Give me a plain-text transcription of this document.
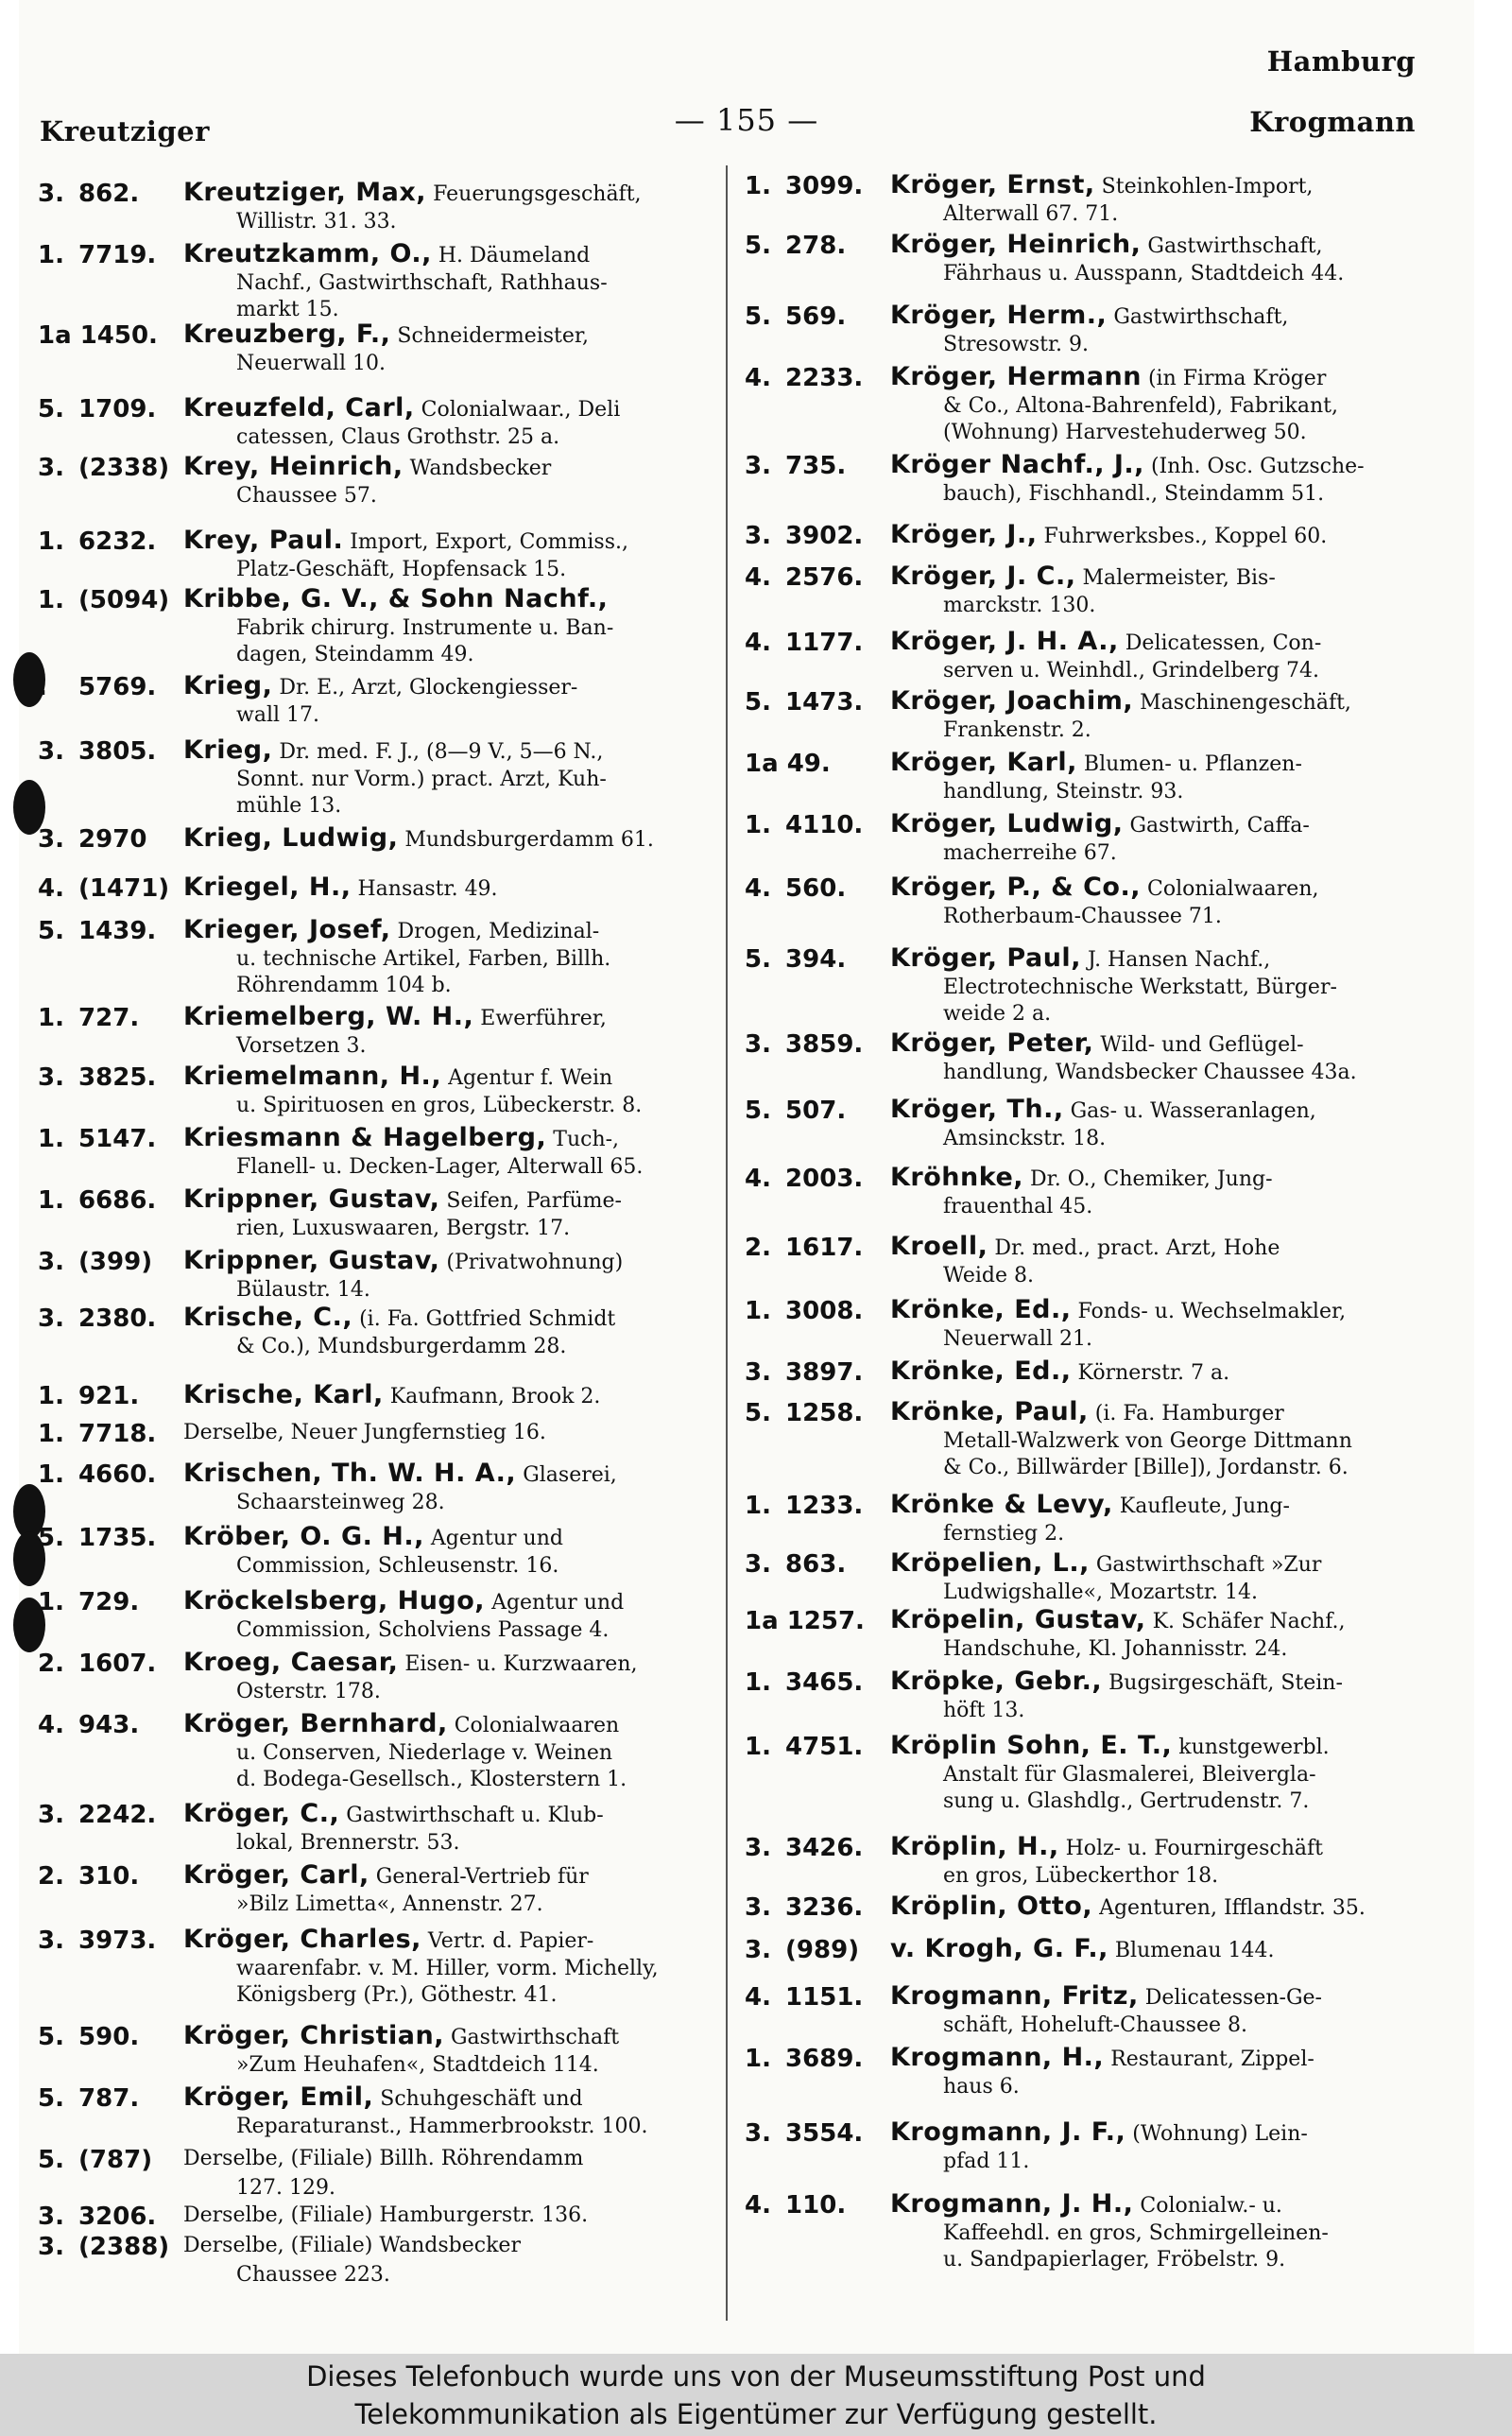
Hamburg
Kreutziger	— 155 —	Krogmann
3. 862.	Kreutziger, Max, Feuerungsgeschäft,
Willistr. 31. 33.
1. 7719.	Kreutzkamm, O., H. Däumeland
Nachf., Gastwirthschaft, Rathhaus-
markt 15.
1a 1450.	Kreuzberg, F., Schneidermeister,
Neuerwall 10.
5. 1709.	Kreuzfeld, Carl, Colonialwaar., Deli
catessen, Claus Grothstr. 25 a.
3. (2338) Krey, Heinrich, Wandsbecker
Chaussee 57.
1. 6232.	Krey, Paul. Import, Export, Commiss.,
Platz-Geschäft, Hopfensack 15.
1. (5094) Kribbe, G. V., & Sohn Nachf.,
Fabrik chirurg. Instrumente u. Ban-
dagen, Steindamm 49.
. 5769.	Krieg, Dr. E., Arzt, Glockengiesser-
wall 17.
3. 3805.	Krieg, Dr. med. F. J., (8—9 V., 5—6 N.,
Sonnt. nur Vorm.) pract. Arzt, Kuh-
mühle 13.
3. 2970	Krieg, Ludwig, Mundsburgerdamm 61.
4. (1471) Kriegel, H., Hansastr. 49.
5. 1439.	Krieger, Josef, Drogen, Medizinal-
u. technische Artikel, Farben, Billh.
Röhrendamm 104 b.
1. 727.	Kriemelberg, W. H., Ewerführer,
Vorsetzen 3.
3. 3825.	Kriemelmann, H., Agentur f. Wein
u. Spirituosen en gros, Lübeckerstr. 8.
1. 5147.	Kriesmann & Hagelberg, Tuch-,
Flanell- u. Decken-Lager, Alterwall 65.
1. 6686.	Krippner, Gustav, Seifen, Parfüme-
rien, Luxuswaaren, Bergstr. 17.
3. (399)	Krippner, Gustav, (Privatwohnung)
Bülaustr. 14.
3. 2380.	Krische, C., (i. Fa. Gottfried Schmidt
& Co.), Mundsburgerdamm 28.
1. 921.	Krische, Karl, Kaufmann, Brook 2.
1. 7718.	Derselbe, Neuer Jungfernstieg 16.
1. 4660.	Krischen, Th. W. H. A., Glaserei,
Schaarsteinweg 28.
5. 1735.	Kröber, O. G. H., Agentur und
Commission, Schleusenstr. 16.
1. 729.	Kröckelsberg, Hugo, Agentur und
Commission, Scholviens Passage 4.
2. 1607.	Kroeg, Caesar, Eisen- u. Kurzwaaren,
Osterstr. 178.
4. 943.	Kröger, Bernhard, Colonialwaaren
u. Conserven, Niederlage v. Weinen
d. Bodega-Gesellsch., Klosterstern 1.
3. 2242.	Kröger, C., Gastwirthschaft u. Klub-
lokal, Brennerstr. 53.
2. 310.	Kröger, Carl, General-Vertrieb für
»Bilz Limetta«, Annenstr. 27.
3. 3973.	Kröger, Charles, Vertr. d. Papier-
waarenfabr. v. M. Hiller, vorm. Michelly,
Königsberg (Pr.), Göthestr. 41.
5. 590.	Kröger, Christian, Gastwirthschaft
»Zum Heuhafen«, Stadtdeich 114.
5. 787.	Kröger, Emil, Schuhgeschäft und
Reparaturanst., Hammerbrookstr. 100.
5. (787)	Derselbe, (Filiale) Billh. Röhrendamm
127. 129.
3. 3206.	Derselbe, (Filiale) Hamburgerstr. 136.
3. (2388) Derselbe, (Filiale) Wandsbecker
Chaussee 223.
1. 3099.	Kröger, Ernst, Steinkohlen-Import,
Alterwall 67. 71.
5. 278.	Kröger, Heinrich, Gastwirthschaft,
Fährhaus u. Ausspann, Stadtdeich 44.
5. 569.	Kröger, Herm., Gastwirthschaft,
Stresowstr. 9.
4. 2233.	Kröger, Hermann (in Firma Kröger
& Co., Altona-Bahrenfeld), Fabrikant,
(Wohnung) Harvestehuderweg 50.
3. 735.	Kröger Nachf., J., (Inh. Osc. Gutzsche-
bauch), Fischhandl., Steindamm 51.
3. 3902.	Kröger, J., Fuhrwerksbes., Koppel 60.
4. 2576.	Kröger, J. C., Malermeister, Bis-
marckstr. 130.
4. 1177.	Kröger, J. H. A., Delicatessen, Con-
serven u. Weinhdl., Grindelberg 74.
5. 1473.	Kröger, Joachim, Maschinengeschäft,
Frankenstr. 2.
1a 49.	Kröger, Karl, Blumen- u. Pflanzen-
handlung, Steinstr. 93.
1. 4110.	Kröger, Ludwig, Gastwirth, Caffa-
macherreihe 67.
4. 560.	Kröger, P., & Co., Colonialwaaren,
Rotherbaum-Chaussee 71.
5. 394.	Kröger, Paul, J. Hansen Nachf.,
Electrotechnische Werkstatt, Bürger-
weide 2 a.
3. 3859.	Kröger, Peter, Wild- und Geflügel-
handlung, Wandsbecker Chaussee 43a.
5. 507.	Kröger, Th., Gas- u. Wasseranlagen,
Amsinckstr. 18.
4. 2003.	Kröhnke, Dr. O., Chemiker, Jung-
frauenthal 45.
2. 1617.	Kroell, Dr. med., pract. Arzt, Hohe
Weide 8.
1. 3008.	Krönke, Ed., Fonds- u. Wechselmakler,
Neuerwall 21.
3. 3897.	Krönke, Ed., Körnerstr. 7 a.
5. 1258.	Krönke, Paul, (i. Fa. Hamburger
Metall-Walzwerk von George Dittmann
& Co., Billwärder [Bille]), Jordanstr. 6.
1. 1233.	Krönke & Levy, Kaufleute, Jung-
fernstieg 2.
3. 863.	Kröpelien, L., Gastwirthschaft »Zur
Ludwigshalle«, Mozartstr. 14.
1a 1257.	Kröpelin, Gustav, K. Schäfer Nachf.,
Handschuhe, Kl. Johannisstr. 24.
1. 3465.	Kröpke, Gebr., Bugsirgeschäft, Stein-
höft 13.
1. 4751.	Kröplin Sohn, E. T., kunstgewerbl.
Anstalt für Glasmalerei, Bleivergla-
sung u. Glashdlg., Gertrudenstr. 7.
3. 3426.	Kröplin, H., Holz- u. Fournirgeschäft
en gros, Lübeckerthor 18.
3. 3236.	Kröplin, Otto, Agenturen, Ifflandstr. 35.
3. (989)	v. Krogh, G. F., Blumenau 144.
4. 1151.	Krogmann, Fritz, Delicatessen-Ge-
schäft, Hoheluft-Chaussee 8.
1. 3689.	Krogmann, H., Restaurant, Zippel-
haus 6.
3. 3554.	Krogmann, J. F., (Wohnung) Lein-
pfad 11.
4. 110.	Krogmann, J. H., Colonialw.- u.
Kaffeehdl. en gros, Schmirgelleinen-
u. Sandpapierlager, Fröbelstr. 9.
Dieses Telefonbuch wurde uns von der Museumsstiftung Post und
Telekommunikation als Eigentümer zur Verfügung gestellt.
